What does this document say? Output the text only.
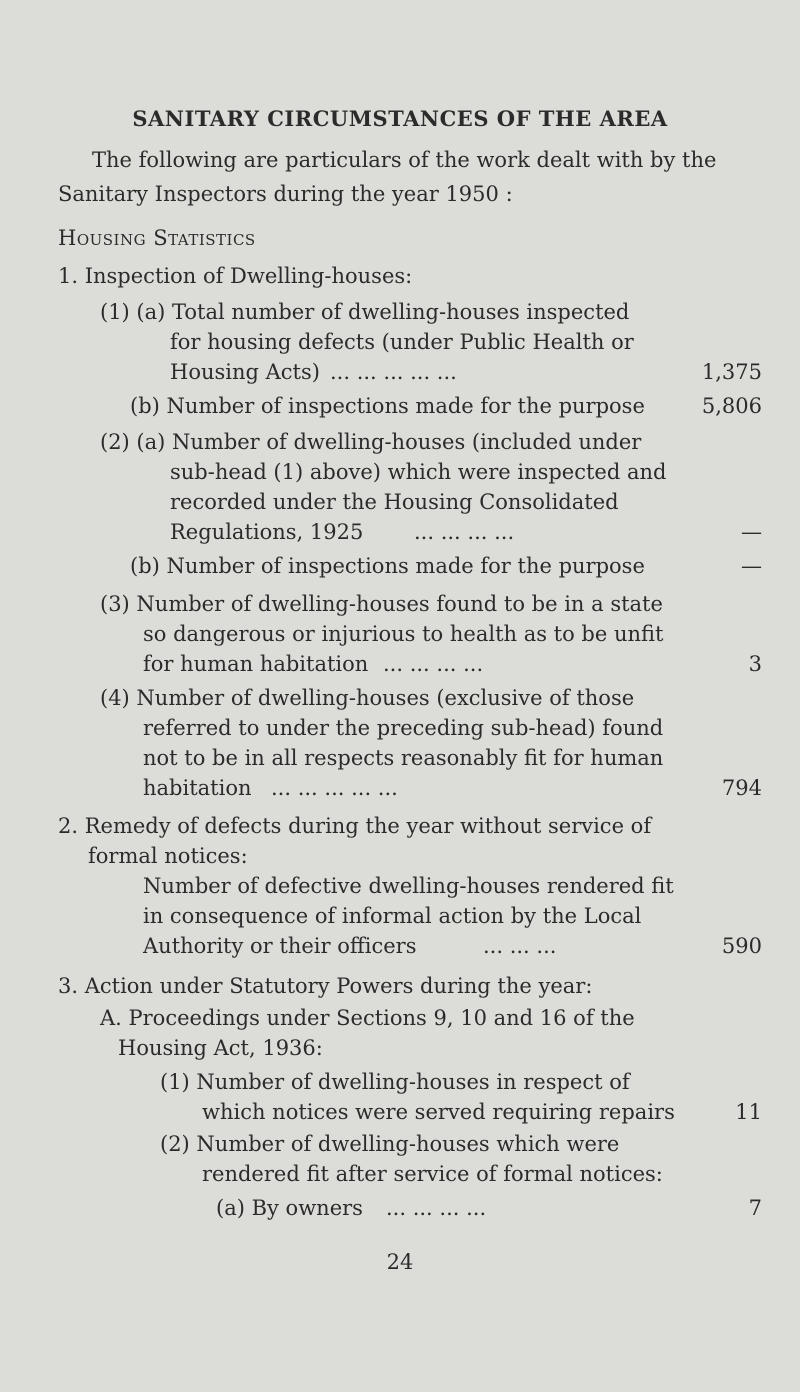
SANITARY CIRCUMSTANCES OF THE AREA
The following are particulars of the work dealt with by the
Sanitary Inspectors during the year 1950 :
Housing Statistics
1. Inspection of Dwelling-houses:
(1) (a) Total number of dwelling-houses inspected
for housing defects (under Public Health or
Housing Acts) ... ... ... ... ...	1,375
(b) Number of inspections made for the purpose	5,806
(2) (a) Number of dwelling-houses (included under
sub-head (1) above) which were inspected and
recorded under the Housing Consolidated
Regulations, 1925 ... ... ... ...	—
(b) Number of inspections made for the purpose	—
(3) Number of dwelling-houses found to be in a state
so dangerous or injurious to health as to be unfit
for human habitation ... ... ... ...	3
(4) Number of dwelling-houses (exclusive of those
referred to under the preceding sub-head) found
not to be in all respects reasonably fit for human
habitation ... ... ... ... ...	794
2. Remedy of defects during the year without service of
formal notices:
Number of defective dwelling-houses rendered fit
in consequence of informal action by the Local
Authority or their officers	... ... ...	590
3. Action under Statutory Powers during the year:
A. Proceedings under Sections 9, 10 and 16 of the
Housing Act, 1936:
(1) Number of dwelling-houses in respect of
which notices were served requiring repairs	11
(2) Number of dwelling-houses which were
rendered fit after service of formal notices:
(a) By owners ... ... ... ...	7
24
